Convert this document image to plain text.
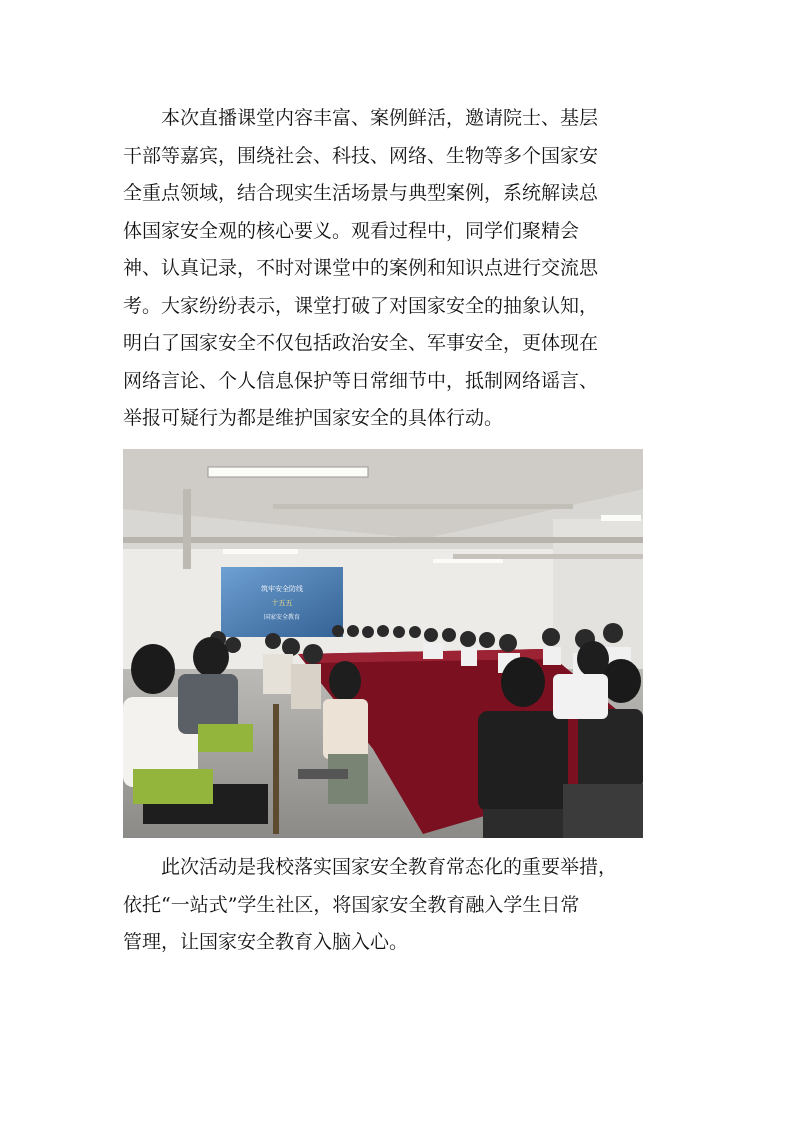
　　本次直播课堂内容丰富、案例鲜活，邀请院士、基层
干部等嘉宾，围绕社会、科技、网络、生物等多个国家安
全重点领域，结合现实生活场景与典型案例，系统解读总
体国家安全观的核心要义。观看过程中，同学们聚精会
神、认真记录，不时对课堂中的案例和知识点进行交流思
考。大家纷纷表示，课堂打破了对国家安全的抽象认知，
明白了国家安全不仅包括政治安全、军事安全，更体现在
网络言论、个人信息保护等日常细节中，抵制网络谣言、
举报可疑行为都是维护国家安全的具体行动。
筑牢安全防线
十五五
国家安全教育
　　此次活动是我校落实国家安全教育常态化的重要举措，
依托“一站式”学生社区，将国家安全教育融入学生日常
管理，让国家安全教育入脑入心。
